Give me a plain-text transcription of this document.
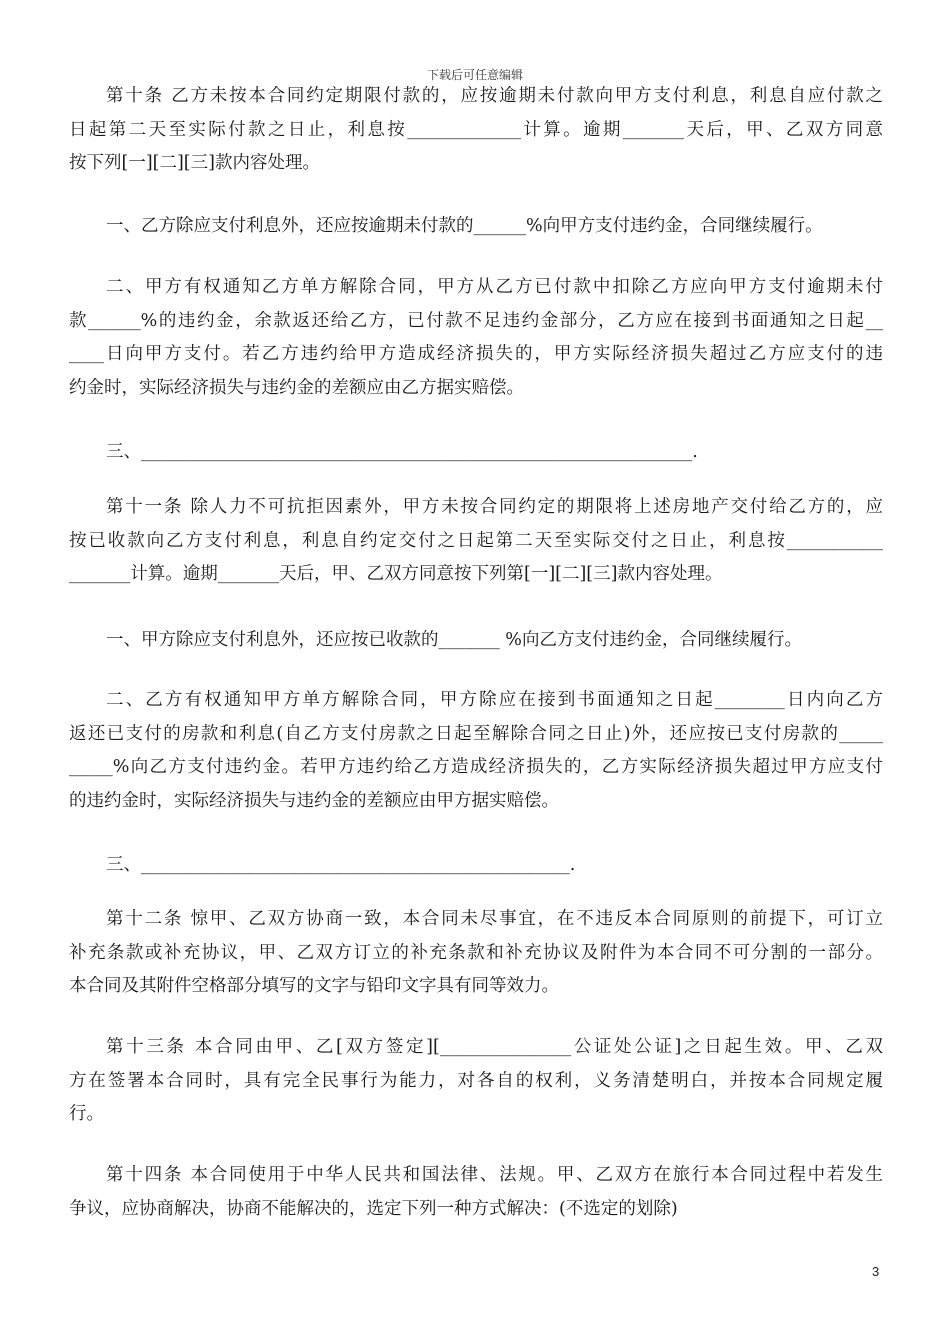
下载后可任意编辑
第十条 乙方未按本合同约定期限付款的，应按逾期未付款向甲方支付利息，利息自应付款之
日起第二天至实际付款之日止，利息按_____________计算。逾期_______天后，甲、乙双方同意
按下列[一][二][三]款内容处理。
一、乙方除应支付利息外，还应按逾期未付款的______%向甲方支付违约金，合同继续履行。
二、甲方有权通知乙方单方解除合同，甲方从乙方已付款中扣除乙方应向甲方支付逾期未付
款______%的违约金，余款返还给乙方，已付款不足违约金部分，乙方应在接到书面通知之日起__
____日向甲方支付。若乙方违约给甲方造成经济损失的，甲方实际经济损失超过乙方应支付的违
约金时，实际经济损失与违约金的差额应由乙方据实赔偿。
三、_______________________________________________________________.
第十一条 除人力不可抗拒因素外，甲方未按合同约定的期限将上述房地产交付给乙方的，应
按已收款向乙方支付利息，利息自约定交付之日起第二天至实际交付之日止，利息按___________
_______计算。逾期_______天后，甲、乙双方同意按下列第[一][二][三]款内容处理。
一、甲方除应支付利息外，还应按已收款的_______ %向乙方支付违约金，合同继续履行。
二、乙方有权通知甲方单方解除合同，甲方除应在接到书面通知之日起________日内向乙方
返还已支付的房款和利息(自乙方支付房款之日起至解除合同之日止)外，还应按已支付房款的_____
_____%向乙方支付违约金。若甲方违约给乙方造成经济损失的，乙方实际经济损失超过甲方应支付
的违约金时，实际经济损失与违约金的差额应由甲方据实赔偿。
三、_________________________________________________.
第十二条 惊甲、乙双方协商一致，本合同未尽事宜，在不违反本合同原则的前提下，可订立
补充条款或补充协议，甲、乙双方订立的补充条款和补充协议及附件为本合同不可分割的一部分。
本合同及其附件空格部分填写的文字与铅印文字具有同等效力。
第十三条 本合同由甲、乙[双方签定][_______________公证处公证]之日起生效。甲、乙双
方在签署本合同时，具有完全民事行为能力，对各自的权利，义务清楚明白，并按本合同规定履
行。
第十四条 本合同使用于中华人民共和国法律、法规。甲、乙双方在旅行本合同过程中若发生
争议，应协商解决，协商不能解决的，选定下列一种方式解决：(不选定的划除)
3
